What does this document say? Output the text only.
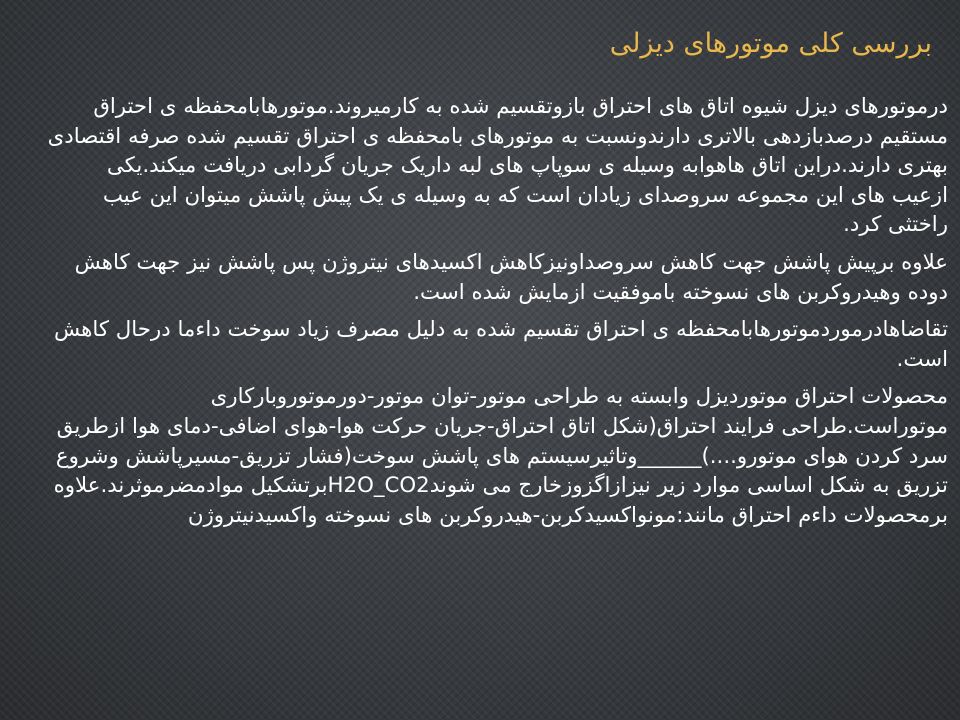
بررسی کلی موتورهای دیزلی

درموتورهای دیزل شیوه اتاق های احتراق بازوتقسیم شده به کارمیروند.موتورهابامحفظه ی احتراق مستقیم درصدبازدهی بالاتری دارندونسبت به موتورهای بامحفظه ی احتراق تقسیم شده صرفه اقتصادی بهتری دارند.دراین اتاق هاهوابه وسیله ی سوپاپ های لبه داریک جریان گردابی دریافت میکند.یکی ازعیب های این مجموعه سروصدای زیادان است که به وسیله ی یک پیش پاشش میتوان این عیب راختثی کرد.

علاوه برپیش پاشش جهت کاهش سروصداونیزکاهش اکسیدهای نیتروژن پس پاشش نیز جهت کاهش دوده وهیدروکربن های نسوخته باموفقیت ازمایش شده است.

تقاضاهادرموردموتورهابامحفظه ی احتراق تقسیم شده به دلیل مصرف زیاد سوخت داءما درحال کاهش است.

محصولات احتراق موتوردیزل وابسته به طراحی موتور-توان موتور-دورموتوروبارکاری موتوراست.طراحی فرایند احتراق(شکل اتاق احتراق-جریان حرکت هوا-هوای اضافی-دمای هوا ازطریق سرد کردن هوای موتورو....)______وتاثیرسیستم های پاشش سوخت(فشار تزریق-مسیرپاشش وشروع تزریق به شکل اساسی موارد زیر نیزازاگزوزخارج می شوندH2O_CO2برتشکیل موادمضرموثرند.علاوه برمحصولات داءم احتراق مانند:مونواکسیدکربن-هیدروکربن های نسوخته واکسیدنیتروژن
